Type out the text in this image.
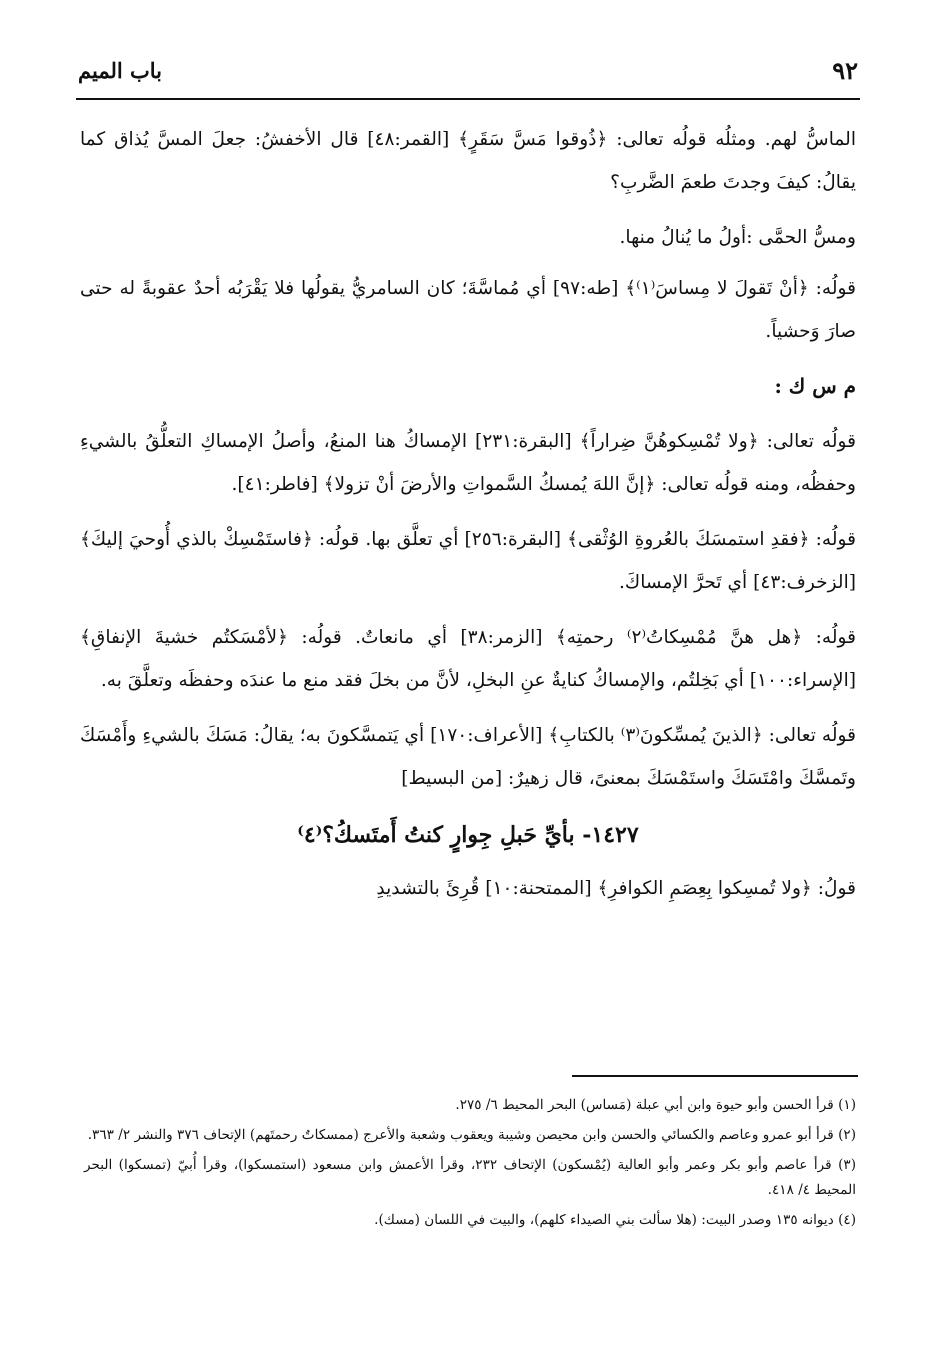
٩٢
باب الميم

الماسُّ لهم. ومثلُه قولُه تعالى: ﴿ذُوقوا مَسَّ سَقَرٍ﴾ [القمر:٤٨] قال الأخفشُ: جعلَ المسَّ يُذاق كما يقالُ: كيفَ وجدتَ طعمَ الضَّربِ؟

ومسُّ الحمَّى :أولُ ما يُنالُ منها.

قولُه: ﴿أنْ تَقولَ لا مِساسَ⁽١⁾﴾ [طه:٩٧] أي مُماسَّةَ؛ كان السامريُّ يقولُها فلا يَقْرَبُه أحدٌ عقوبةً له حتى صارَ وَحشياً.

م س ك :

قولُه تعالى: ﴿ولا تُمْسِكوهُنَّ ضِراراً﴾ [البقرة:٢٣١] الإمساكُ هنا المنعُ، وأصلُ الإمساكِ التعلُّقُ بالشيءِ وحفظُه، ومنه قولُه تعالى: ﴿إنَّ اللهَ يُمسكُ السَّمواتِ والأرضَ أنْ تزولا﴾ [فاطر:٤١].

قولُه: ﴿فقدِ استمسَكَ بالعُروةِ الوُثْقى﴾ [البقرة:٢٥٦] أي تعلَّق بها. قولُه: ﴿فاستَمْسِكْ بالذي أُوحيَ إليكَ﴾ [الزخرف:٤٣] أي تَحرَّ الإمساكَ.

قولُه: ﴿هل هنَّ مُمْسِكاتُ⁽٢⁾ رحمتِه﴾ [الزمر:٣٨] أي مانعاتٌ. قولُه: ﴿لأمْسَكتُم خشيةَ الإنفاقِ﴾ [الإسراء:١٠٠] أي بَخِلتُم، والإمساكُ كنايةٌ عنِ البخلِ، لأنَّ من بخلَ فقد منع ما عندَه وحفظَه وتعلَّقَ به.

قولُه تعالى: ﴿الذينَ يُمسِّكونَ⁽٣⁾ بالكتابِ﴾ [الأعراف:١٧٠] أي يَتمسَّكونَ به؛ يقالُ: مَسَكَ بالشيءِ وأَمْسَكَ وتَمسَّكَ وامْتَسَكَ واستَمْسَكَ بمعنىً، قال زهيرٌ: [من البسيط]

١٤٢٧- بأيِّ حَبلِ جِوارٍ كنتُ أَمتَسكُ؟⁽٤⁾

قولُ: ﴿ولا تُمسِكوا بِعِصَمِ الكوافرِ﴾ [الممتحنة:١٠] قُرِئَ بالتشديدِ

(١) قرأ الحسن وأبو حيوة وابن أبي عبلة (مَساس) البحر المحيط ٦/ ٢٧٥.

(٢) قرأ أبو عمرو وعاصم والكسائي والحسن وابن محيصن وشيبة ويعقوب وشعبة والأعرج (ممسكاتٌ رحمتَهم) الإتحاف ٣٧٦ والنشر ٢/ ٣٦٣.

(٣) قرأ عاصم وأبو بكر وعمر وأبو العالية (يُمْسكون) الإتحاف ٢٣٢، وقرأ الأعمش وابن مسعود (استمسكوا)، وقرأ أُبيّ (تمسكوا) البحر المحيط ٤/ ٤١٨.

(٤) ديوانه ١٣٥ وصدر البيت: (هلا سألت بني الصيداء كلهم)، والبيت في اللسان (مسك).
